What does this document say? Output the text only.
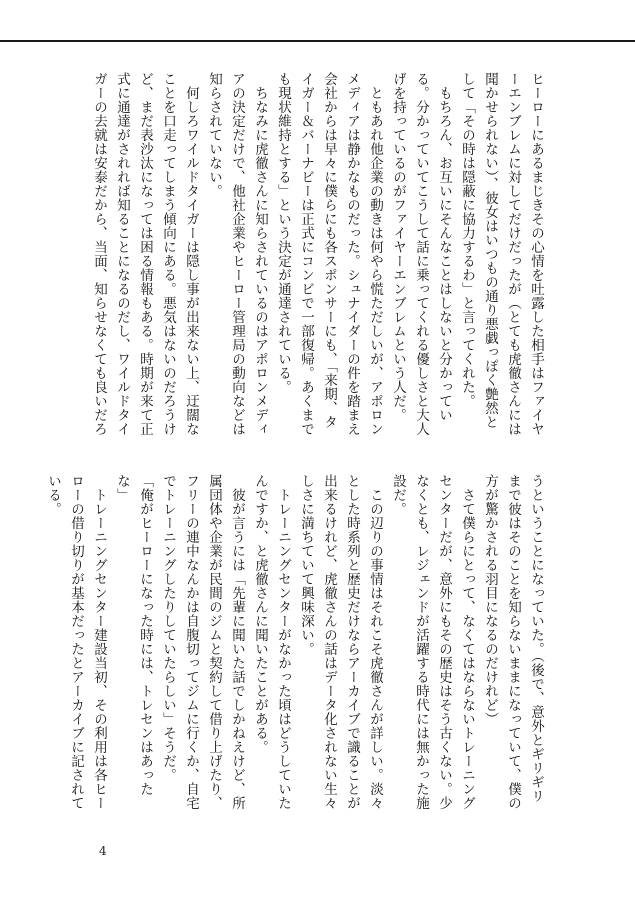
ヒーローにあるまじきその心情を吐露した相手はファイヤーエンブレムに対してだけだったが（とても虎徹さんには聞かせられない）、彼女はいつもの通り悪戯っぽく艶然として「その時は隠蔽に協力するわ」と言ってくれた。

　もちろん、お互いにそんなことはしないと分かっている。分かっていてこうして話に乗ってくれる優しさと大人げを持っているのがファイヤーエンブレムという人だ。

　ともあれ他企業の動きは何やら慌ただしいが、アポロンメディアは静かなものだった。シュナイダーの件を踏まえ会社からは早々に僕らにも各スポンサーにも、「来期、タイガー＆バーナビーは正式にコンビで一部復帰。あくまでも現状維持とする」という決定が通達されている。

　ちなみに虎徹さんに知らされているのはアポロンメディアの決定だけで、他社企業やヒーロー管理局の動向などは知らされていない。

　何しろワイルドタイガーは隠し事が出来ない上、迂闊なことを口走ってしまう傾向にある。悪気はないのだろうけど、まだ表沙汰になっては困る情報もある。時期が来て正式に通達がされれば知ることになるのだし、ワイルドタイガーの去就は安泰だから、当面、知らせなくても良いだろ

うということになっていた。（後で、意外とギリギリまで彼はそのことを知らないままになっていて、僕の方が驚かされる羽目になるのだけれど）

　さて僕らにとって、なくてはならないトレーニングセンターだが、意外にもその歴史はそう古くない。少なくとも、レジェンドが活躍する時代には無かった施設だ。

　この辺りの事情はそれこそ虎徹さんが詳しい。淡々とした時系列と歴史だけならアーカイブで識ることが出来るけれど、虎徹さんの話はデータ化されない生々しさに満ちていて興味深い。

　トレーニングセンターがなかった頃はどうしていたんですか、と虎徹さんに聞いたことがある。

　彼が言うには「先輩に聞いた話でしかねえけど、所属団体や企業が民間のジムと契約して借り上げたり、フリーの連中なんかは自腹切ってジムに行くか、自宅でトレーニングしたりしていたらしい」そうだ。

「俺がヒーローになった時には、トレセンはあったな」

　トレーニングセンター建設当初、その利用は各ヒーローの借り切りが基本だったとアーカイブに記されている。

4
